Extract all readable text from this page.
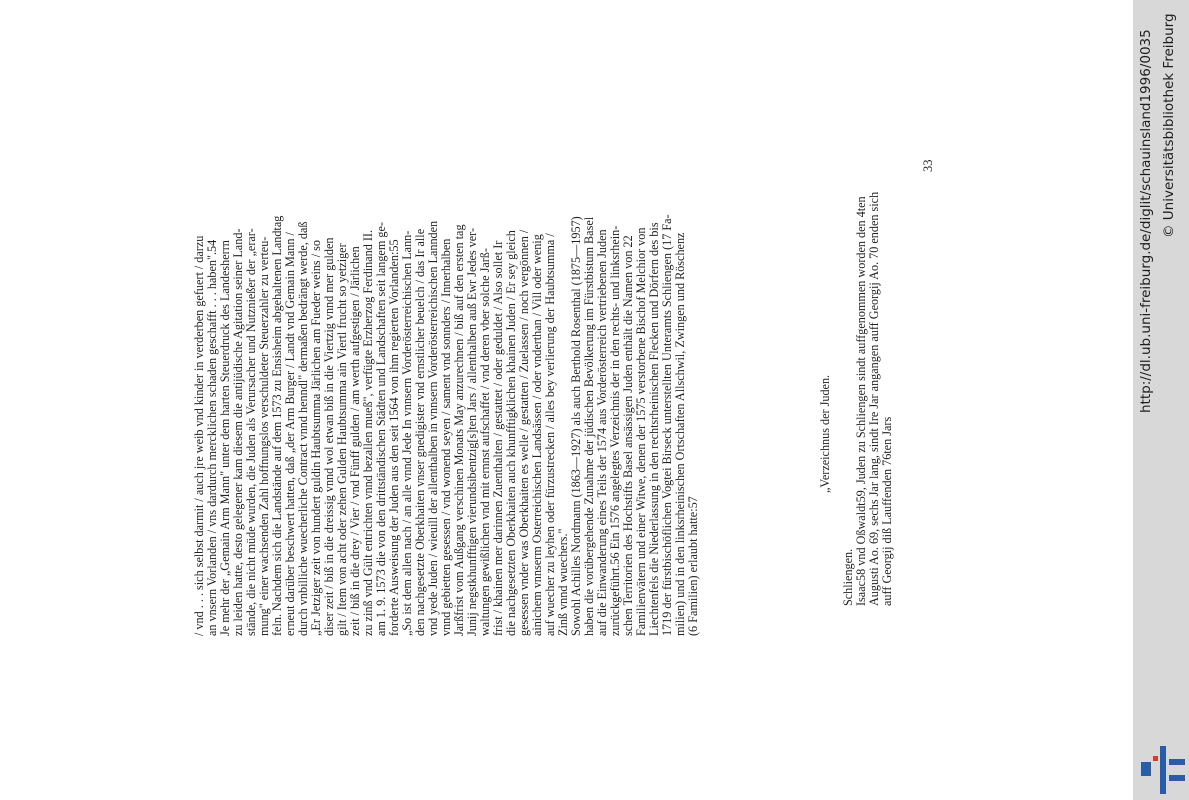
/ vnd . . . sich selbst darmit / auch jre weib vnd kinder in verderben gefuert / darzu an vnsern Vorlanden / vns dardurch mercklichen schaden geschafft . . . haben".54 Je mehr der „Gemain Arm Mann" unter dem harten Steuerdruck des Landesherrn zu leiden hatte, desto gelegener kam diesem die antijüdische Agitation seiner Land- stände, die nicht müde wurden, die Juden als Verursacher und Nutznießer der „erar- mung" einer wachsenden Zahl hoffnungslos verschuldeter Steuerzahler zu verteu- feln. Nachdem sich die Landstände auf dem 1573 zu Ensisheim abgehaltenen Landtag erneut darüber beschwert hatten, daß „der Arm Burger / Landt vnd Gemain Mann / durch vnbilliche wuecherliche Contract vnnd henndl" dermaßen bedrängt werde, daß „Er Jetziger zeit von hundert guldin Haubtsumma Järlichen am Fueder weins / so diser zeit / biß in die dreissig vnnd wol etwan biß in die Viertzig vnnd mer gulden gilt / Item von acht oder zehen Gulden Haubtsumma ain Viertl frucht so yetziger zeit / biß in die drey / Vier / vnd Fünff gulden / am werth aufgestigen / Järlichen zu zinß vnd Gült entrichten vnnd bezallen mueß", verfügte Erzherzog Ferdinand II. am 1. 9. 1573 die von den drittständischen Städten und Landschaften seit langem ge- forderte Ausweisung der Juden aus den seit 1564 von ihm regierten Vorlanden:55 „So ist dem allen nach / an alle vnnd Jede In vnnsern Vorderösterreichischen Lann- den nachgesetzte Oberkhaiten vnser gnedigister vnd ernstlicher beuelch / das Ir alle vnd yede Juden / wieuill der allenthalben in vnnsern Vorderösterreichischen Lannden vnnd gebietten gesessen / vnd wonend seyen / sament vnd sonnders / Innerhalben Jarßfrist vom Außgang verschinen Monats May anzurechnen / biß auf den ersten tag Junij negstkhunfftigen vierundsibentzig[s]ten Jars / allenthalben auß Ewr Jedes ver- waltungen gewißlichen vnd mit ernnst aufschaffet / vnd deren vber solche Jarß- frist / khainen mer darinnen Zuenthalten / gestattet / oder geduldet / Also sollet Ir die nachgesetzten Oberkhaiten auch khunfftigklichen khainen Juden / Er sey gleich gesessen vnder was Oberkhaiten es welle / gestatten / Zuelassen / noch vergönnen / ainichem vnnserm Osterreichischen Landsässen / oder vnderthan / Vill oder wenig auf wuecher zu leyhen oder fürzustrecken / alles bey verlierung der Haubtsumma / Zinß vnnd wuechers." Sowohl Achilles Nordmann (1863—1927) als auch Berthold Rosenthal (1875—1957) haben die vorübergehende Zunahme der jüdischen Bevölkerung im Fürstbistum Basel auf die Einwanderung eines Teils der 1574 aus Vorderösterreich vertriebenen Juden zurückgeführt.56 Ein 1576 angelegtes Verzeichnis der in den rechts- und linksrhein- schen Territorien des Hochstifts Basel ansässigen Juden enthält die Namen von 22 Familienvätern und einer Witwe, denen der 1575 verstorbene Bischof Melchior von Liechtenfels die Niederlassung in den rechtsrheinischen Flecken und Dörfern des bis 1719 der fürstbischöflichen Vogtei Birseck unterstellten Unteramts Schliengen (17 Fa- milien) und in den linksrheinischen Ortschaften Allschwil, Zwingen und Röschenz (6 Familien) erlaubt hatte:57
„Verzeichnus der Juden.
Schliengen. Isaac58 vnd Oßwaldt59, Juden zu Schliengen sindt auffgenommen worden den 4ten Augusti Ao. 69, sechs Jar lang, sindt Ire Jar angangen auff Georgij Ao. 70 enden sich auff Georgij diß Lauffenden 76ten Jars
33	http://dl.ub.uni-freiburg.de/diglit/schauinsland1996/0035 © Universitätsbibliothek Freiburg
